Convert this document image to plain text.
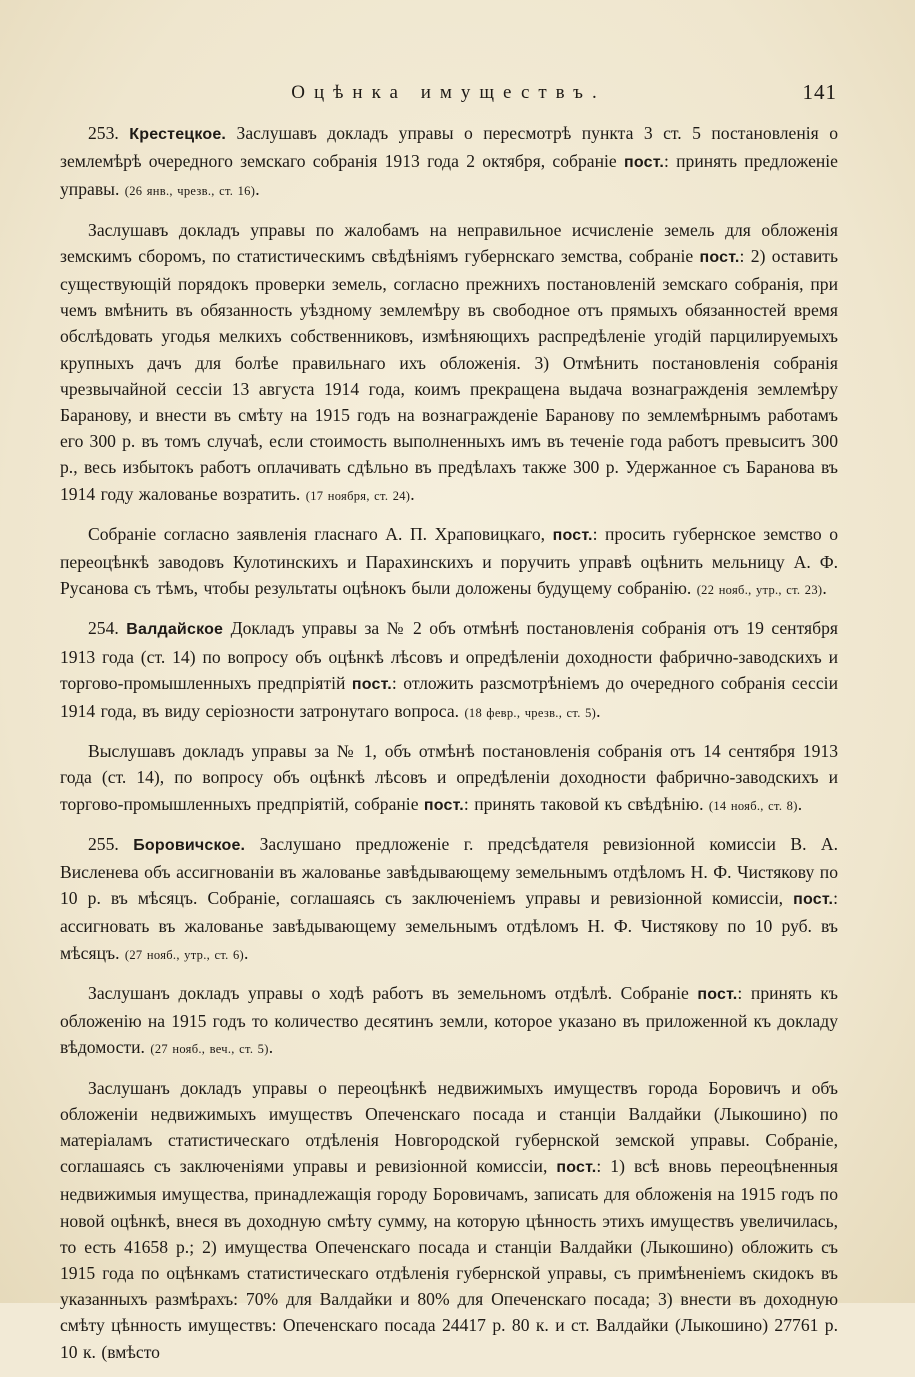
Оцѣнка имуществъ.	141

253. Крестецкое. Заслушавъ докладъ управы о пересмотрѣ пункта 3 ст. 5 постановленія о землемѣрѣ очередного земскаго собранія 1913 года 2 октября, собраніе пост.: принять предложеніе управы. (26 янв., чрезв., ст. 16).

Заслушавъ докладъ управы по жалобамъ на неправильное исчисленіе земель для обложенія земскимъ сборомъ, по статистическимъ свѣдѣніямъ губернскаго земства, собраніе пост.: 2) оставить существующій порядокъ проверки земель, согласно прежнихъ постановленій земскаго собранія, при чемъ вмѣнить въ обязанность уѣздному землемѣру въ свободное отъ прямыхъ обязанностей время обслѣдовать угодья мелкихъ собственниковъ, измѣняющихъ распредѣленіе угодій парцилируемыхъ крупныхъ дачъ для болѣе правильнаго ихъ обложенія. 3) Отмѣнить постановленія собранія чрезвычайной сессіи 13 августа 1914 года, коимъ прекращена выдача вознагражденія землемѣру Баранову, и внести въ смѣту на 1915 годъ на вознагражденіе Баранову по землемѣрнымъ работамъ его 300 р. въ томъ случаѣ, если стоимость выполненныхъ имъ въ теченіе года работъ превыситъ 300 р., весь избытокъ работъ оплачивать сдѣльно въ предѣлахъ также 300 р. Удержанное съ Баранова въ 1914 году жалованье возратить. (17 ноября, ст. 24).

Собраніе согласно заявленія гласнаго А. П. Храповицкаго, пост.: просить губернское земство о переоцѣнкѣ заводовъ Кулотинскихъ и Парахинскихъ и поручить управѣ оцѣнить мельницу А. Ф. Русанова съ тѣмъ, чтобы результаты оцѣнокъ были доложены будущему собранію. (22 нояб., утр., ст. 23).

254. Валдайское Докладъ управы за № 2 объ отмѣнѣ постановленія собранія отъ 19 сентября 1913 года (ст. 14) по вопросу объ оцѣнкѣ лѣсовъ и опредѣленіи доходности фабрично-заводскихъ и торгово-промышленныхъ предпріятій пост.: отложить разсмотрѣніемъ до очередного собранія сессіи 1914 года, въ виду серіозности затронутаго вопроса. (18 февр., чрезв., ст. 5).

Выслушавъ докладъ управы за № 1, объ отмѣнѣ постановленія собранія отъ 14 сентября 1913 года (ст. 14), по вопросу объ оцѣнкѣ лѣсовъ и опредѣленіи доходности фабрично-заводскихъ и торгово-промышленныхъ предпріятій, собраніе пост.: принять таковой къ свѣдѣнію. (14 нояб., ст. 8).

255. Боровичское. Заслушано предложеніе г. предсѣдателя ревизіонной комиссіи В. А. Висленева объ ассигнованіи въ жалованье завѣдывающему земельнымъ отдѣломъ Н. Ф. Чистякову по 10 р. въ мѣсяцъ. Собраніе, соглашаясь съ заключеніемъ управы и ревизіонной комиссіи, пост.: ассигновать въ жалованье завѣдывающему земельнымъ отдѣломъ Н. Ф. Чистякову по 10 руб. въ мѣсяцъ. (27 нояб., утр., ст. 6).

Заслушанъ докладъ управы о ходѣ работъ въ земельномъ отдѣлѣ. Собраніе пост.: принять къ обложенію на 1915 годъ то количество десятинъ земли, которое указано въ приложенной къ докладу вѣдомости. (27 нояб., веч., ст. 5).

Заслушанъ докладъ управы о переоцѣнкѣ недвижимыхъ имуществъ города Боровичъ и объ обложеніи недвижимыхъ имуществъ Опеченскаго посада и станціи Валдайки (Лыкошино) по матеріаламъ статистическаго отдѣленія Новгородской губернской земской управы. Собраніе, соглашаясь съ заключеніями управы и ревизіонной комиссіи, пост.: 1) всѣ вновь переоцѣненныя недвижимыя имущества, принадлежащія городу Боровичамъ, записать для обложенія на 1915 годъ по новой оцѣнкѣ, внеся въ доходную смѣту сумму, на которую цѣнность этихъ имуществъ увеличилась, то есть 41658 р.; 2) имущества Опеченскаго посада и станціи Валдайки (Лыкошино) обложить съ 1915 года по оцѣнкамъ статистическаго отдѣленія губернской управы, съ примѣненіемъ скидокъ въ указанныхъ размѣрахъ: 70% для Валдайки и 80% для Опеченскаго посада; 3) внести въ доходную смѣту цѣнность имуществъ: Опеченскаго посада 24417 р. 80 к. и ст. Валдайки (Лыкошино) 27761 р. 10 к. (вмѣсто
